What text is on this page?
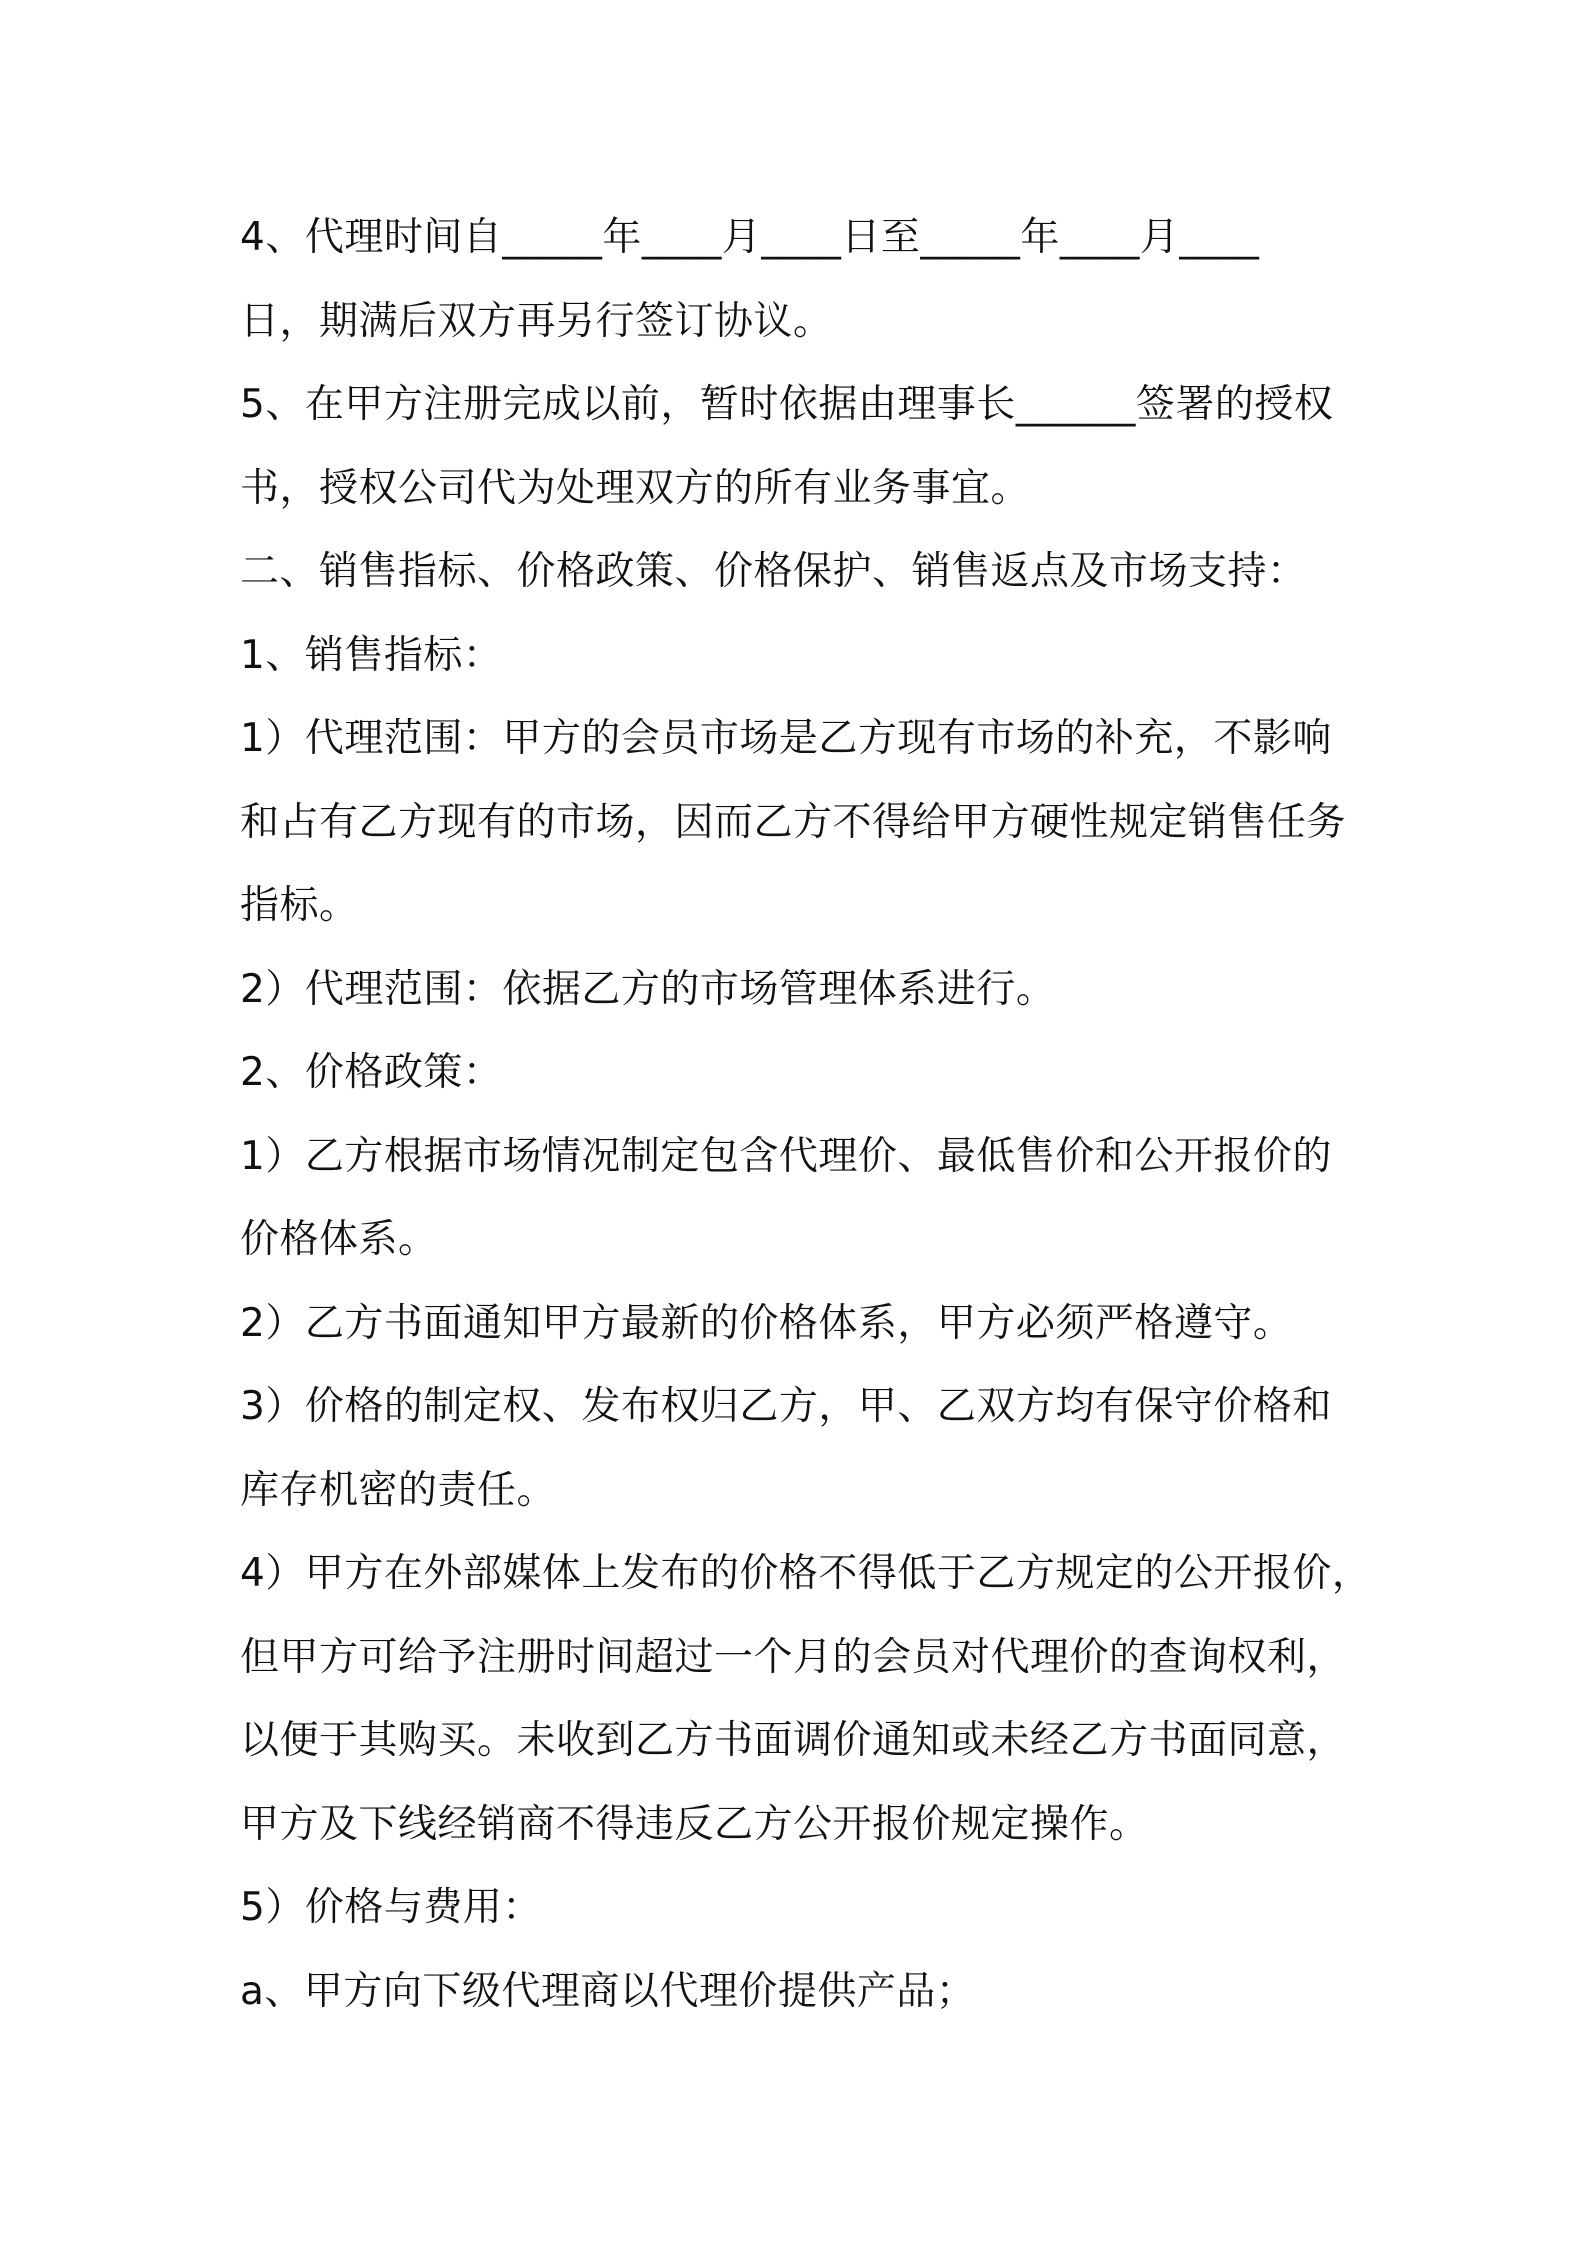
4、代理时间自_____年____月____日至_____年____月____
日，期满后双方再另行签订协议。
5、在甲方注册完成以前，暂时依据由理事长______签署的授权
书，授权公司代为处理双方的所有业务事宜。
二、销售指标、价格政策、价格保护、销售返点及市场支持：
1、销售指标：
1）代理范围：甲方的会员市场是乙方现有市场的补充，不影响
和占有乙方现有的市场，因而乙方不得给甲方硬性规定销售任务
指标。
2）代理范围：依据乙方的市场管理体系进行。
2、价格政策：
1）乙方根据市场情况制定包含代理价、最低售价和公开报价的
价格体系。
2）乙方书面通知甲方最新的价格体系，甲方必须严格遵守。
3）价格的制定权、发布权归乙方，甲、乙双方均有保守价格和
库存机密的责任。
4）甲方在外部媒体上发布的价格不得低于乙方规定的公开报价，
但甲方可给予注册时间超过一个月的会员对代理价的查询权利，
以便于其购买。未收到乙方书面调价通知或未经乙方书面同意，
甲方及下线经销商不得违反乙方公开报价规定操作。
5）价格与费用：
a、甲方向下级代理商以代理价提供产品；
